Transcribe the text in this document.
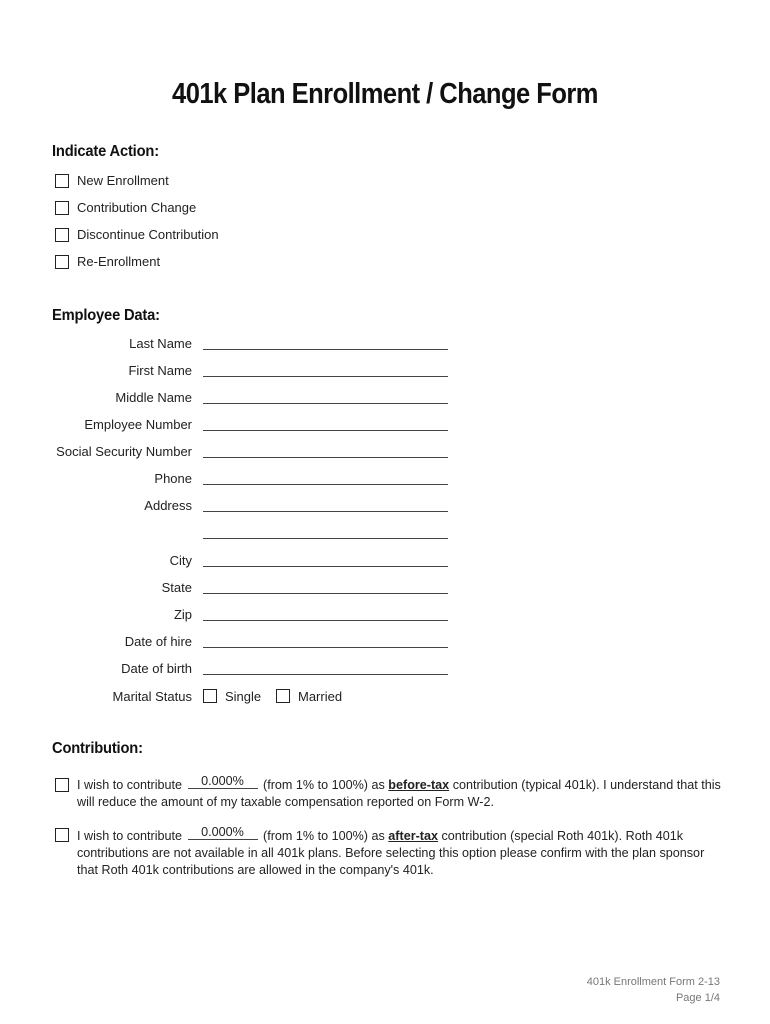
401k Plan Enrollment / Change Form
Indicate Action:
New Enrollment
Contribution Change
Discontinue Contribution
Re-Enrollment
Employee Data:
Last Name
First Name
Middle Name
Employee Number
Social Security Number
Phone
Address
City
State
Zip
Date of hire
Date of birth
Marital Status	Single	Married
Contribution:
I wish to contribute 0.000% (from 1% to 100%) as before-tax contribution (typical 401k). I understand that this will reduce the amount of my taxable compensation reported on Form W-2.
I wish to contribute 0.000% (from 1% to 100%) as after-tax contribution (special Roth 401k). Roth 401k contributions are not available in all 401k plans. Before selecting this option please confirm with the plan sponsor that Roth 401k contributions are allowed in the company's 401k.
401k Enrollment Form 2-13
Page 1/4
